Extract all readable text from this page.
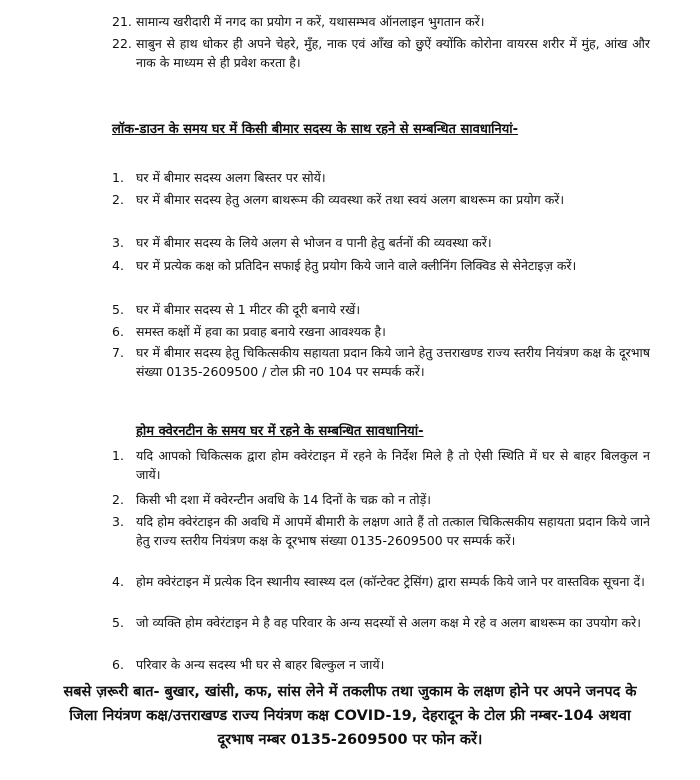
21. सामान्य खरीदारी में नगद का प्रयोग न करें, यथासम्भव ऑनलाइन भुगतान करें।
22. साबुन से हाथ धोकर ही अपने चेहरे, मुँह, नाक एवं आँख को छुऐं क्योंकि कोरोना वायरस शरीर में मुंह, आंख और नाक के माध्यम से ही प्रवेश करता है।
लॉक-डाउन के समय घर में किसी बीमार सदस्य के साथ रहने से सम्बन्धित सावधानियां-
1. घर में बीमार सदस्य अलग बिस्तर पर सोयें।
2. घर में बीमार सदस्य हेतु अलग बाथरूम की व्यवस्था करें तथा स्वयं अलग बाथरूम का प्रयोग करें।
3. घर में बीमार सदस्य के लिये अलग से भोजन व पानी हेतु बर्तनों की व्यवस्था करें।
4. घर में प्रत्येक कक्ष को प्रतिदिन सफाई हेतु प्रयोग किये जाने वाले क्लीनिंग लिक्विड से सेनेटाइज़ करें।
5. घर में बीमार सदस्य से 1 मीटर की दूरी बनाये रखें।
6. समस्त कक्षों में हवा का प्रवाह बनाये रखना आवश्यक है।
7. घर में बीमार सदस्य हेतु चिकित्सकीय सहायता प्रदान किये जाने हेतु उत्तराखण्ड राज्य स्तरीय नियंत्रण कक्ष के दूरभाष संख्या 0135-2609500 / टोल फ्री न0 104 पर सम्पर्क करें।
होम क्वेरनटीन के समय घर में रहने के सम्बन्धित सावधानियां-
1. यदि आपको चिकित्सक द्वारा होम क्वेरंटाइन में रहने के निर्देश मिले है तो ऐसी स्थिति में घर से बाहर बिलकुल न जायें।
2. किसी भी दशा में क्वेरन्टीन अवधि के 14 दिनों के चक्र को न तोड़ें।
3. यदि होम क्वेरंटाइन की अवधि में आपमें बीमारी के लक्षण आते हैं तो तत्काल चिकित्सकीय सहायता प्रदान किये जाने हेतु राज्य स्तरीय नियंत्रण कक्ष के दूरभाष संख्या 0135-2609500 पर सम्पर्क करें।
4. होम क्वेरंटाइन में प्रत्येक दिन स्थानीय स्वास्थ्य दल (कॉन्टेक्ट ट्रेसिंग) द्वारा सम्पर्क किये जाने पर वास्तविक सूचना दें।
5. जो व्यक्ति होम क्वेरंटाइन मे है वह परिवार के अन्य सदस्यों से अलग कक्ष मे रहे व अलग बाथरूम का उपयोग करे।
6. परिवार के अन्य सदस्य भी घर से बाहर बिल्कुल न जायें।
सबसे ज़रूरी बात- बुखार, खांसी, कफ, सांस लेने में तकलीफ तथा जुकाम के लक्षण होने पर अपने जनपद के जिला नियंत्रण कक्ष/उत्तराखण्ड राज्य नियंत्रण कक्ष COVID-19, देहरादून के टोल फ्री नम्बर-104 अथवा दूरभाष नम्बर 0135-2609500 पर फोन करें।
